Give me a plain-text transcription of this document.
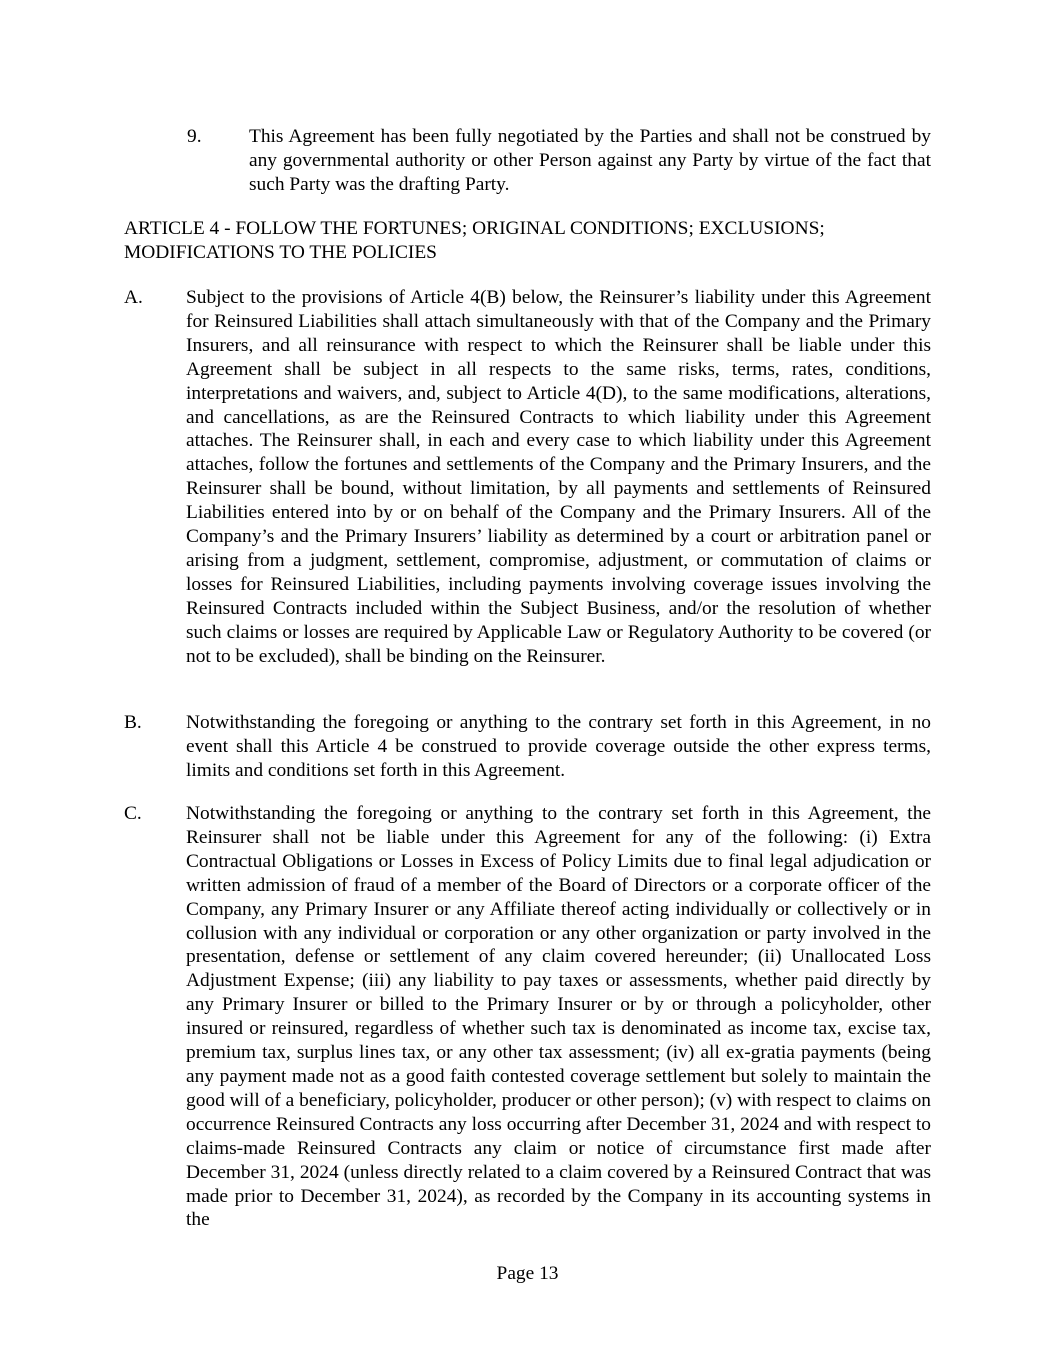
9. This Agreement has been fully negotiated by the Parties and shall not be construed by any governmental authority or other Person against any Party by virtue of the fact that such Party was the drafting Party.
ARTICLE 4 - FOLLOW THE FORTUNES; ORIGINAL CONDITIONS; EXCLUSIONS;
MODIFICATIONS TO THE POLICIES
A. Subject to the provisions of Article 4(B) below, the Reinsurer’s liability under this Agreement for Reinsured Liabilities shall attach simultaneously with that of the Company and the Primary Insurers, and all reinsurance with respect to which the Reinsurer shall be liable under this Agreement shall be subject in all respects to the same risks, terms, rates, conditions, interpretations and waivers, and, subject to Article 4(D), to the same modifications, alterations, and cancellations, as are the Reinsured Contracts to which liability under this Agreement attaches. The Reinsurer shall, in each and every case to which liability under this Agreement attaches, follow the fortunes and settlements of the Company and the Primary Insurers, and the Reinsurer shall be bound, without limitation, by all payments and settlements of Reinsured Liabilities entered into by or on behalf of the Company and the Primary Insurers. All of the Company’s and the Primary Insurers’ liability as determined by a court or arbitration panel or arising from a judgment, settlement, compromise, adjustment, or commutation of claims or losses for Reinsured Liabilities, including payments involving coverage issues involving the Reinsured Contracts included within the Subject Business, and/or the resolution of whether such claims or losses are required by Applicable Law or Regulatory Authority to be covered (or not to be excluded), shall be binding on the Reinsurer.
B. Notwithstanding the foregoing or anything to the contrary set forth in this Agreement, in no event shall this Article 4 be construed to provide coverage outside the other express terms, limits and conditions set forth in this Agreement.
C. Notwithstanding the foregoing or anything to the contrary set forth in this Agreement, the Reinsurer shall not be liable under this Agreement for any of the following: (i) Extra Contractual Obligations or Losses in Excess of Policy Limits due to final legal adjudication or written admission of fraud of a member of the Board of Directors or a corporate officer of the Company, any Primary Insurer or any Affiliate thereof acting individually or collectively or in collusion with any individual or corporation or any other organization or party involved in the presentation, defense or settlement of any claim covered hereunder; (ii) Unallocated Loss Adjustment Expense; (iii) any liability to pay taxes or assessments, whether paid directly by any Primary Insurer or billed to the Primary Insurer or by or through a policyholder, other insured or reinsured, regardless of whether such tax is denominated as income tax, excise tax, premium tax, surplus lines tax, or any other tax assessment; (iv) all ex-gratia payments (being any payment made not as a good faith contested coverage settlement but solely to maintain the good will of a beneficiary, policyholder, producer or other person); (v) with respect to claims on occurrence Reinsured Contracts any loss occurring after December 31, 2024 and with respect to claims-made Reinsured Contracts any claim or notice of circumstance first made after December 31, 2024 (unless directly related to a claim covered by a Reinsured Contract that was made prior to December 31, 2024), as recorded by the Company in its accounting systems in the
Page 13
